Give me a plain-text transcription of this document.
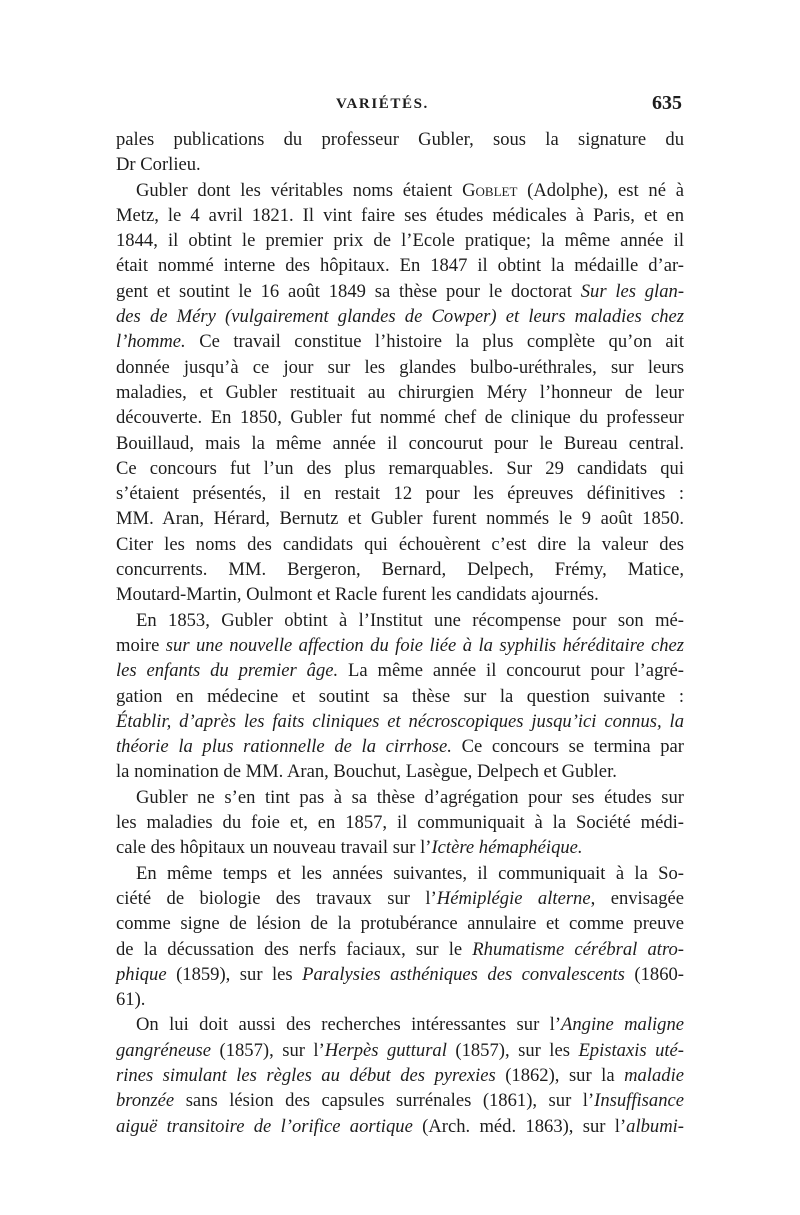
VARIÉTÉS.	635
pales publications du professeur Gubler, sous la signature du
Dr Corlieu.
Gubler dont les véritables noms étaient Goblet (Adolphe), est né à
Metz, le 4 avril 1821. Il vint faire ses études médicales à Paris, et en
1844, il obtint le premier prix de l’Ecole pratique; la même année il
était nommé interne des hôpitaux. En 1847 il obtint la médaille d’ar-
gent et soutint le 16 août 1849 sa thèse pour le doctorat Sur les glan-
des de Méry (vulgairement glandes de Cowper) et leurs maladies chez
l’homme. Ce travail constitue l’histoire la plus complète qu’on ait
donnée jusqu’à ce jour sur les glandes bulbo-uréthrales, sur leurs
maladies, et Gubler restituait au chirurgien Méry l’honneur de leur
découverte. En 1850, Gubler fut nommé chef de clinique du professeur
Bouillaud, mais la même année il concourut pour le Bureau central.
Ce concours fut l’un des plus remarquables. Sur 29 candidats qui
s’étaient présentés, il en restait 12 pour les épreuves définitives :
MM. Aran, Hérard, Bernutz et Gubler furent nommés le 9 août 1850.
Citer les noms des candidats qui échouèrent c’est dire la valeur des
concurrents. MM. Bergeron, Bernard, Delpech, Frémy, Matice,
Moutard-Martin, Oulmont et Racle furent les candidats ajournés.
En 1853, Gubler obtint à l’Institut une récompense pour son mé-
moire sur une nouvelle affection du foie liée à la syphilis héréditaire chez
les enfants du premier âge. La même année il concourut pour l’agré-
gation en médecine et soutint sa thèse sur la question suivante :
Établir, d’après les faits cliniques et nécroscopiques jusqu’ici connus, la
théorie la plus rationnelle de la cirrhose. Ce concours se termina par
la nomination de MM. Aran, Bouchut, Lasègue, Delpech et Gubler.
Gubler ne s’en tint pas à sa thèse d’agrégation pour ses études sur
les maladies du foie et, en 1857, il communiquait à la Société médi-
cale des hôpitaux un nouveau travail sur l’Ictère hémaphéique.
En même temps et les années suivantes, il communiquait à la So-
ciété de biologie des travaux sur l’Hémiplégie alterne, envisagée
comme signe de lésion de la protubérance annulaire et comme preuve
de la décussation des nerfs faciaux, sur le Rhumatisme cérébral atro-
phique (1859), sur les Paralysies asthéniques des convalescents (1860-
61).
On lui doit aussi des recherches intéressantes sur l’Angine maligne
gangréneuse (1857), sur l’Herpès guttural (1857), sur les Epistaxis uté-
rines simulant les règles au début des pyrexies (1862), sur la maladie
bronzée sans lésion des capsules surrénales (1861), sur l’Insuffisance
aiguë transitoire de l’orifice aortique (Arch. méd. 1863), sur l’albumi-
